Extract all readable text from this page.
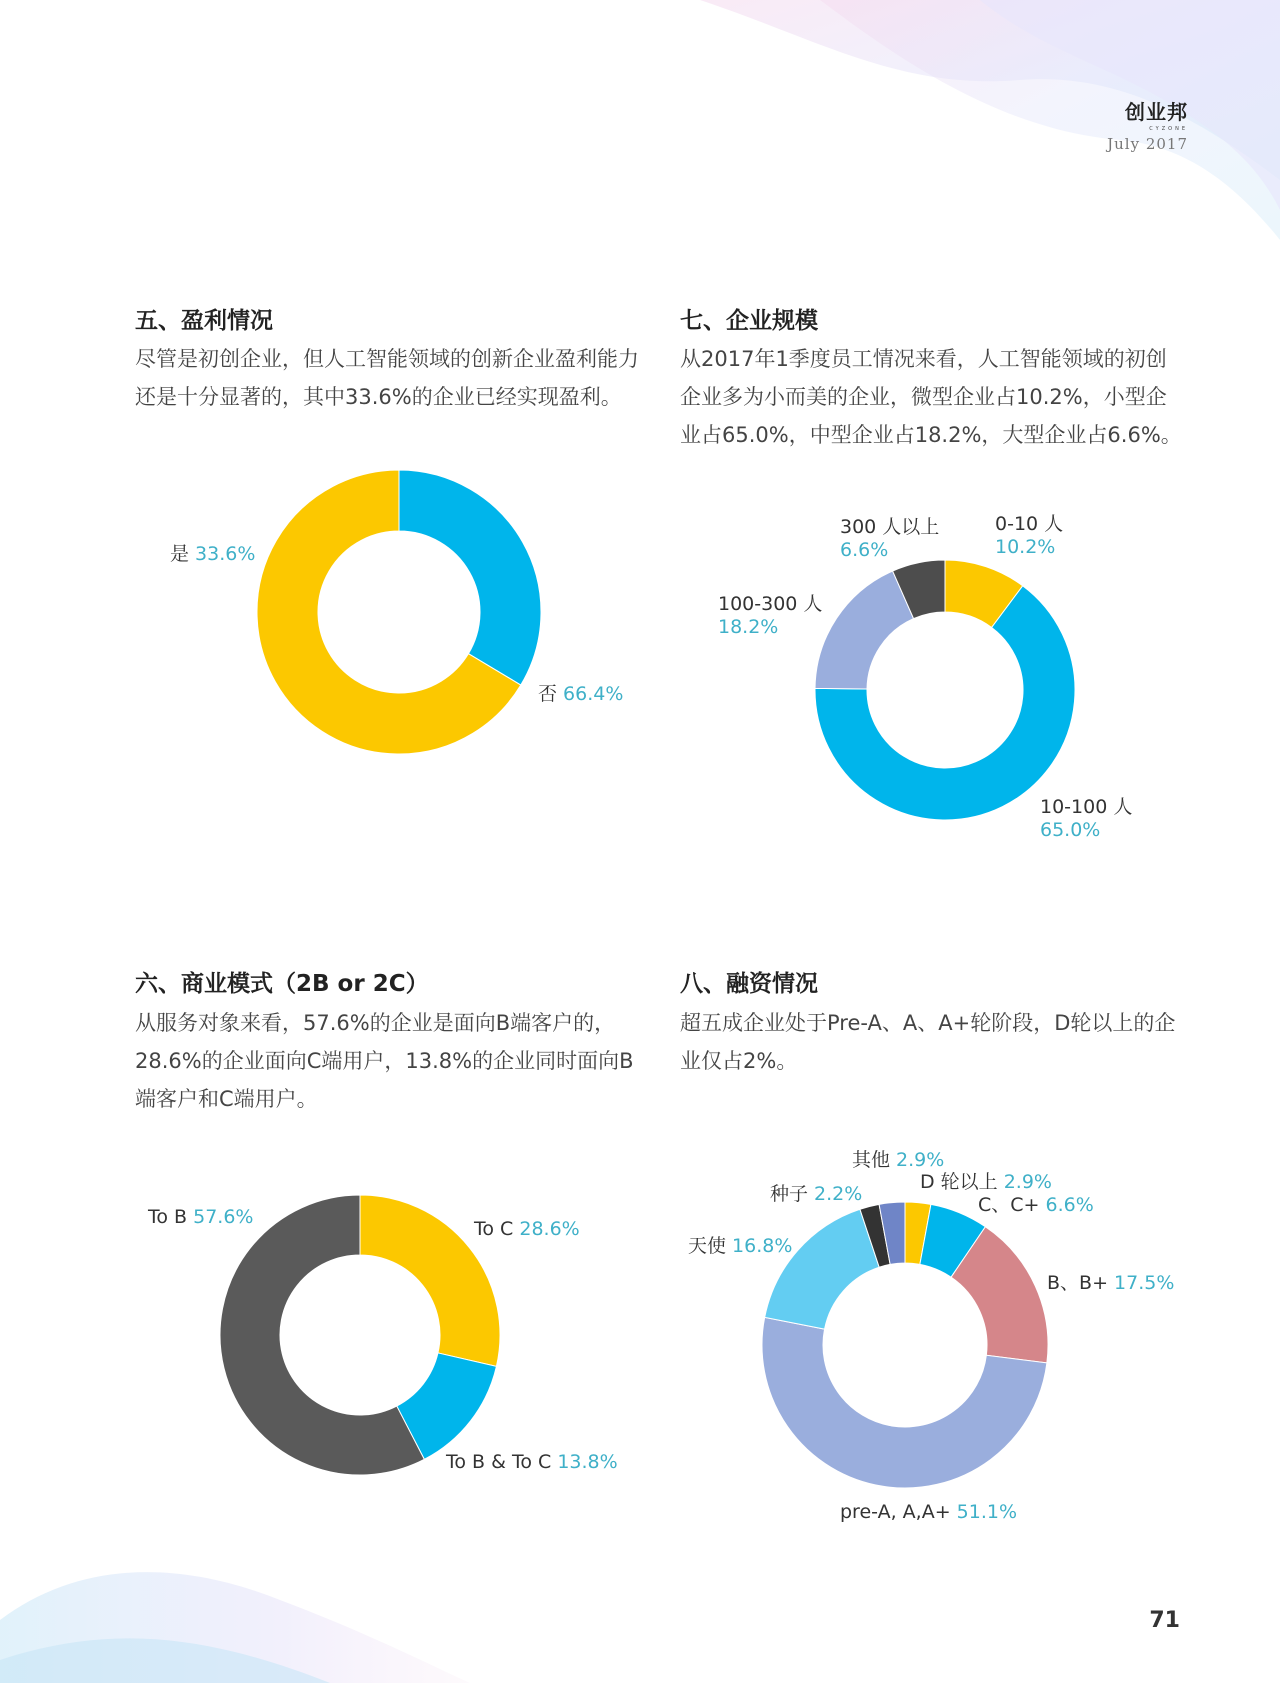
创业邦
CYZONE
July 2017
五、盈利情况

尽管是初创企业，但人工智能领域的创新企业盈利能力还是十分显著的，其中33.6%的企业已经实现盈利。

七、企业规模

从2017年1季度员工情况来看，人工智能领域的初创企业多为小而美的企业，微型企业占10.2%，小型企业占65.0%，中型企业占18.2%，大型企业占6.6%。

六、商业模式（2B or 2C）

从服务对象来看，57.6%的企业是面向B端客户的，28.6%的企业面向C端用户，13.8%的企业同时面向B端客户和C端用户。

八、融资情况

超五成企业处于Pre-A、A、A+轮阶段，D轮以上的企业仅占2%。

是 33.6%
否 66.4%
0-10 人 10.2%
10-100 人 65.0%
100-300 人 18.2%
300 人以上 6.6%
To C 28.6%
To B & To C 13.8%
To B 57.6%
D 轮以上 2.9%
C、C+ 6.6%
B、B+ 17.5%
pre-A, A,A+ 51.1%
天使 16.8%
种子 2.2%
其他 2.9%
71
